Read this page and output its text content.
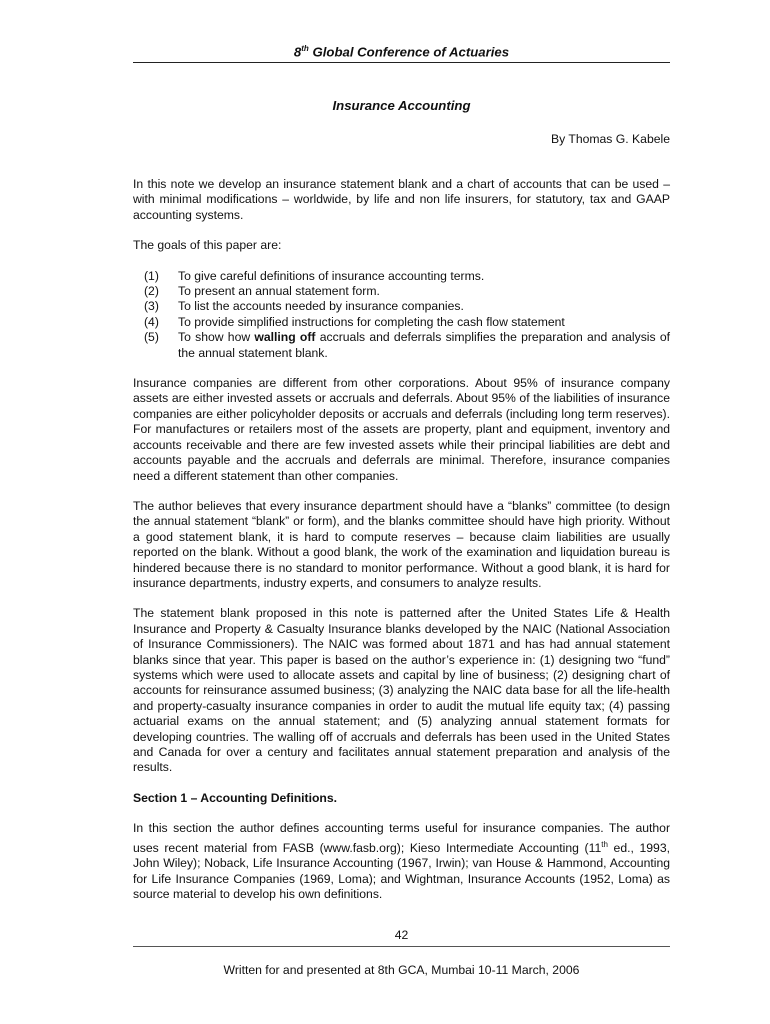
8th Global Conference of Actuaries
Insurance Accounting
By Thomas G. Kabele

In this note we develop an insurance statement blank and a chart of accounts that can be used – with minimal modifications – worldwide, by life and non life insurers, for statutory, tax and GAAP accounting systems.

The goals of this paper are:

(1)	To give careful definitions of insurance accounting terms.
(2)	To present an annual statement form.
(3)	To list the accounts needed by insurance companies.
(4)	To provide simplified instructions for completing the cash flow statement
(5)	To show how walling off accruals and deferrals simplifies the preparation and analysis of the annual statement blank.

Insurance companies are different from other corporations. About 95% of insurance company assets are either invested assets or accruals and deferrals. About 95% of the liabilities of insurance companies are either policyholder deposits or accruals and deferrals (including long term reserves). For manufactures or retailers most of the assets are property, plant and equipment, inventory and accounts receivable and there are few invested assets while their principal liabilities are debt and accounts payable and the accruals and deferrals are minimal. Therefore, insurance companies need a different statement than other companies.

The author believes that every insurance department should have a “blanks” committee (to design the annual statement “blank” or form), and the blanks committee should have high priority. Without a good statement blank, it is hard to compute reserves – because claim liabilities are usually reported on the blank. Without a good blank, the work of the examination and liquidation bureau is hindered because there is no standard to monitor performance. Without a good blank, it is hard for insurance departments, industry experts, and consumers to analyze results.

The statement blank proposed in this note is patterned after the United States Life & Health Insurance and Property & Casualty Insurance blanks developed by the NAIC (National Association of Insurance Commissioners). The NAIC was formed about 1871 and has had annual statement blanks since that year. This paper is based on the author’s experience in: (1) designing two “fund” systems which were used to allocate assets and capital by line of business; (2) designing chart of accounts for reinsurance assumed business; (3) analyzing the NAIC data base for all the life-health and property-casualty insurance companies in order to audit the mutual life equity tax; (4) passing actuarial exams on the annual statement; and (5) analyzing annual statement formats for developing countries. The walling off of accruals and deferrals has been used in the United States and Canada for over a century and facilitates annual statement preparation and analysis of the results.

Section 1 – Accounting Definitions.

In this section the author defines accounting terms useful for insurance companies. The author uses recent material from FASB (www.fasb.org); Kieso Intermediate Accounting (11th ed., 1993, John Wiley); Noback, Life Insurance Accounting (1967, Irwin); van House & Hammond, Accounting for Life Insurance Companies (1969, Loma); and Wightman, Insurance Accounts (1952, Loma) as source material to develop his own definitions.

42
Written for and presented at 8th GCA, Mumbai 10-11 March, 2006
